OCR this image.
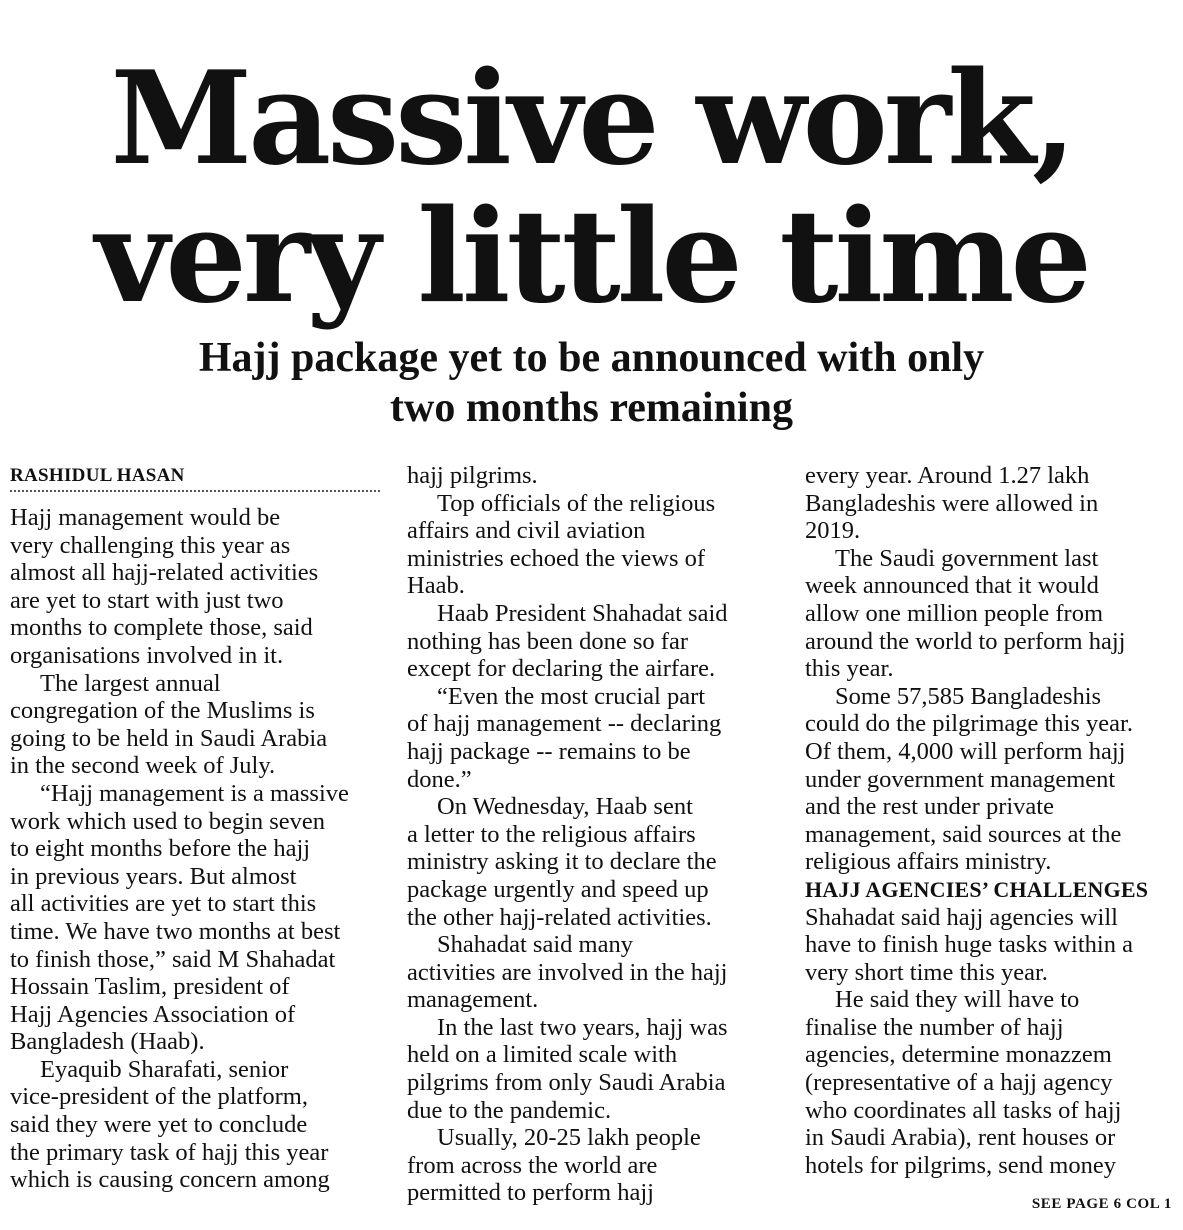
Massive work,
very little time
Hajj package yet to be announced with only
two months remaining
RASHIDUL HASAN

Hajj management would be
very challenging this year as
almost all hajj-related activities
are yet to start with just two
months to complete those, said
organisations involved in it.

The largest annual
congregation of the Muslims is
going to be held in Saudi Arabia
in the second week of July.

“Hajj management is a massive
work which used to begin seven
to eight months before the hajj
in previous years. But almost
all activities are yet to start this
time. We have two months at best
to finish those,” said M Shahadat
Hossain Taslim, president of
Hajj Agencies Association of
Bangladesh (Haab).

Eyaquib Sharafati, senior
vice-president of the platform,
said they were yet to conclude
the primary task of hajj this year
which is causing concern among

hajj pilgrims.

Top officials of the religious
affairs and civil aviation
ministries echoed the views of
Haab.

Haab President Shahadat said
nothing has been done so far
except for declaring the airfare.

“Even the most crucial part
of hajj management -- declaring
hajj package -- remains to be
done.”

On Wednesday, Haab sent
a letter to the religious affairs
ministry asking it to declare the
package urgently and speed up
the other hajj-related activities.

Shahadat said many
activities are involved in the hajj
management.

In the last two years, hajj was
held on a limited scale with
pilgrims from only Saudi Arabia
due to the pandemic.

Usually, 20-25 lakh people
from across the world are
permitted to perform hajj

every year. Around 1.27 lakh
Bangladeshis were allowed in
2019.

The Saudi government last
week announced that it would
allow one million people from
around the world to perform hajj
this year.

Some 57,585 Bangladeshis
could do the pilgrimage this year.
Of them, 4,000 will perform hajj
under government management
and the rest under private
management, said sources at the
religious affairs ministry.

HAJJ AGENCIES’ CHALLENGES

Shahadat said hajj agencies will
have to finish huge tasks within a
very short time this year.

He said they will have to
finalise the number of hajj
agencies, determine monazzem
(representative of a hajj agency
who coordinates all tasks of hajj
in Saudi Arabia), rent houses or
hotels for pilgrims, send money

SEE PAGE 6 COL 1
